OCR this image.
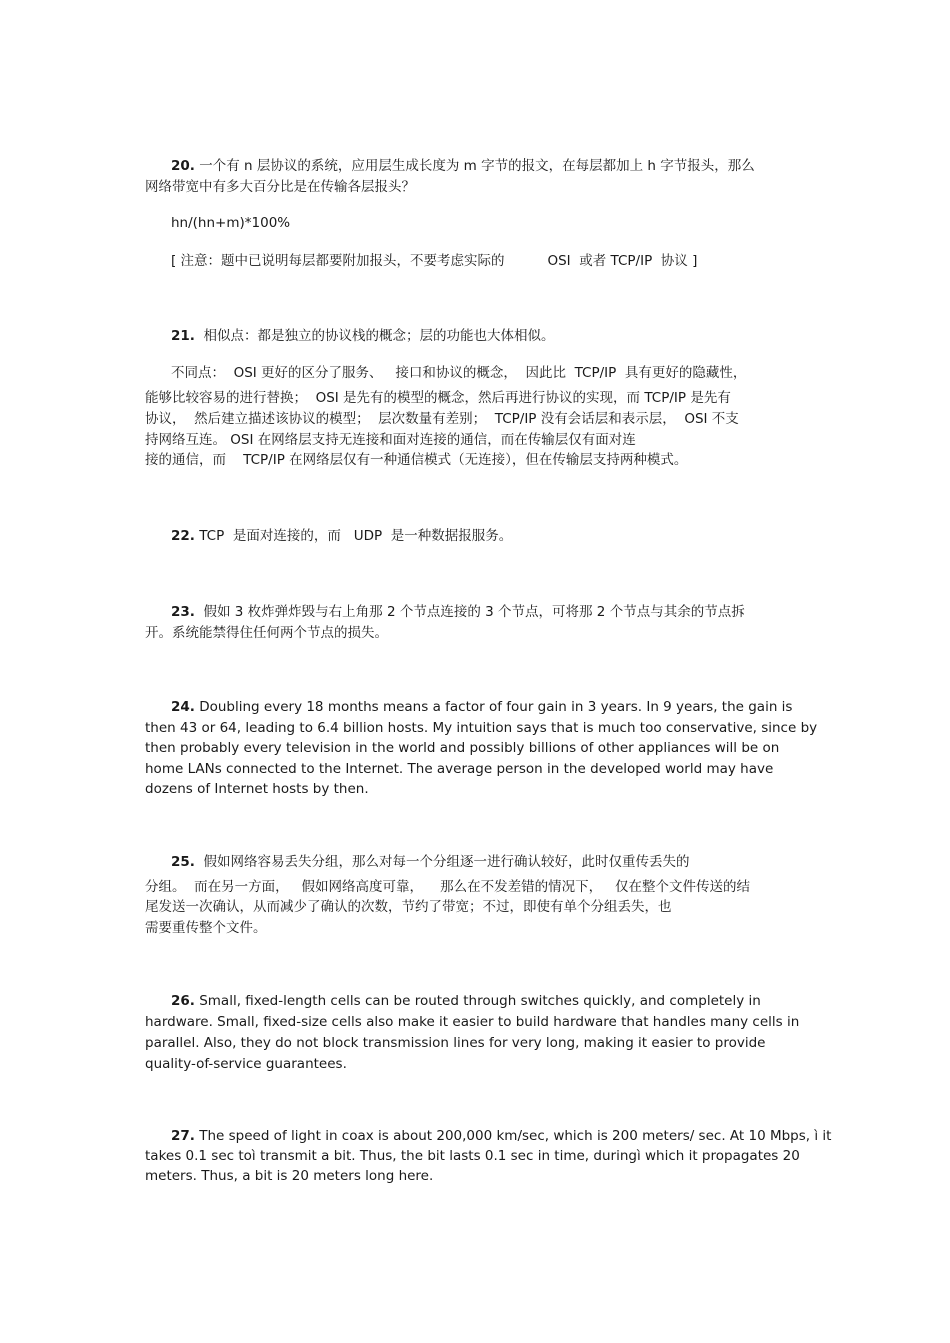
20. 一个有 n 层协议的系统，应用层生成长度为 m 字节的报文，在每层都加上 h 字节报头，那么

网络带宽中有多大百分比是在传输各层报头？

hn/(hn+m)*100%

[ 注意：题中已说明每层都要附加报头，不要考虑实际的          OSI  或者 TCP/IP  协议 ]

21.  相似点：都是独立的协议栈的概念；层的功能也大体相似。

不同点：  OSI 更好的区分了服务、   接口和协议的概念，  因此比  TCP/IP  具有更好的隐藏性，

能够比较容易的进行替换；  OSI 是先有的模型的概念，然后再进行协议的实现，而 TCP/IP 是先有

协议，  然后建立描述该协议的模型；  层次数量有差别；  TCP/IP 没有会话层和表示层，  OSI 不支

持网络互连。 OSI 在网络层支持无连接和面对连接的通信，而在传输层仅有面对连

接的通信，而    TCP/IP 在网络层仅有一种通信模式（无连接），但在传输层支持两种模式。

22. TCP  是面对连接的，而   UDP  是一种数据报服务。

23.  假如 3 枚炸弹炸毁与右上角那 2 个节点连接的 3 个节点，可将那 2 个节点与其余的节点拆

开。系统能禁得住任何两个节点的损失。

24. Doubling every 18 months means a factor of four gain in 3 years. In 9 years, the gain is

then 43 or 64, leading to 6.4 billion hosts. My intuition says that is much too conservative, since by

then probably every television in the world and possibly billions of other appliances will be on

home LANs connected to the Internet. The average person in the developed world may have

dozens of Internet hosts by then.

25.  假如网络容易丢失分组，那么对每一个分组逐一进行确认较好，此时仅重传丢失的

分组。  而在另一方面，   假如网络高度可靠，    那么在不发差错的情况下，   仅在整个文件传送的结

尾发送一次确认，从而减少了确认的次数，节约了带宽；不过，即使有单个分组丢失，也

需要重传整个文件。

26. Small, fixed-length cells can be routed through switches quickly, and completely in

hardware. Small, fixed-size cells also make it easier to build hardware that handles many cells in

parallel. Also, they do not block transmission lines for very long, making it easier to provide

quality-of-service guarantees.

27. The speed of light in coax is about 200,000 km/sec, which is 200 meters/ sec. At 10 Mbps, ì it

takes 0.1 sec toì transmit a bit. Thus, the bit lasts 0.1 sec in time, duringì which it propagates 20

meters. Thus, a bit is 20 meters long here.
